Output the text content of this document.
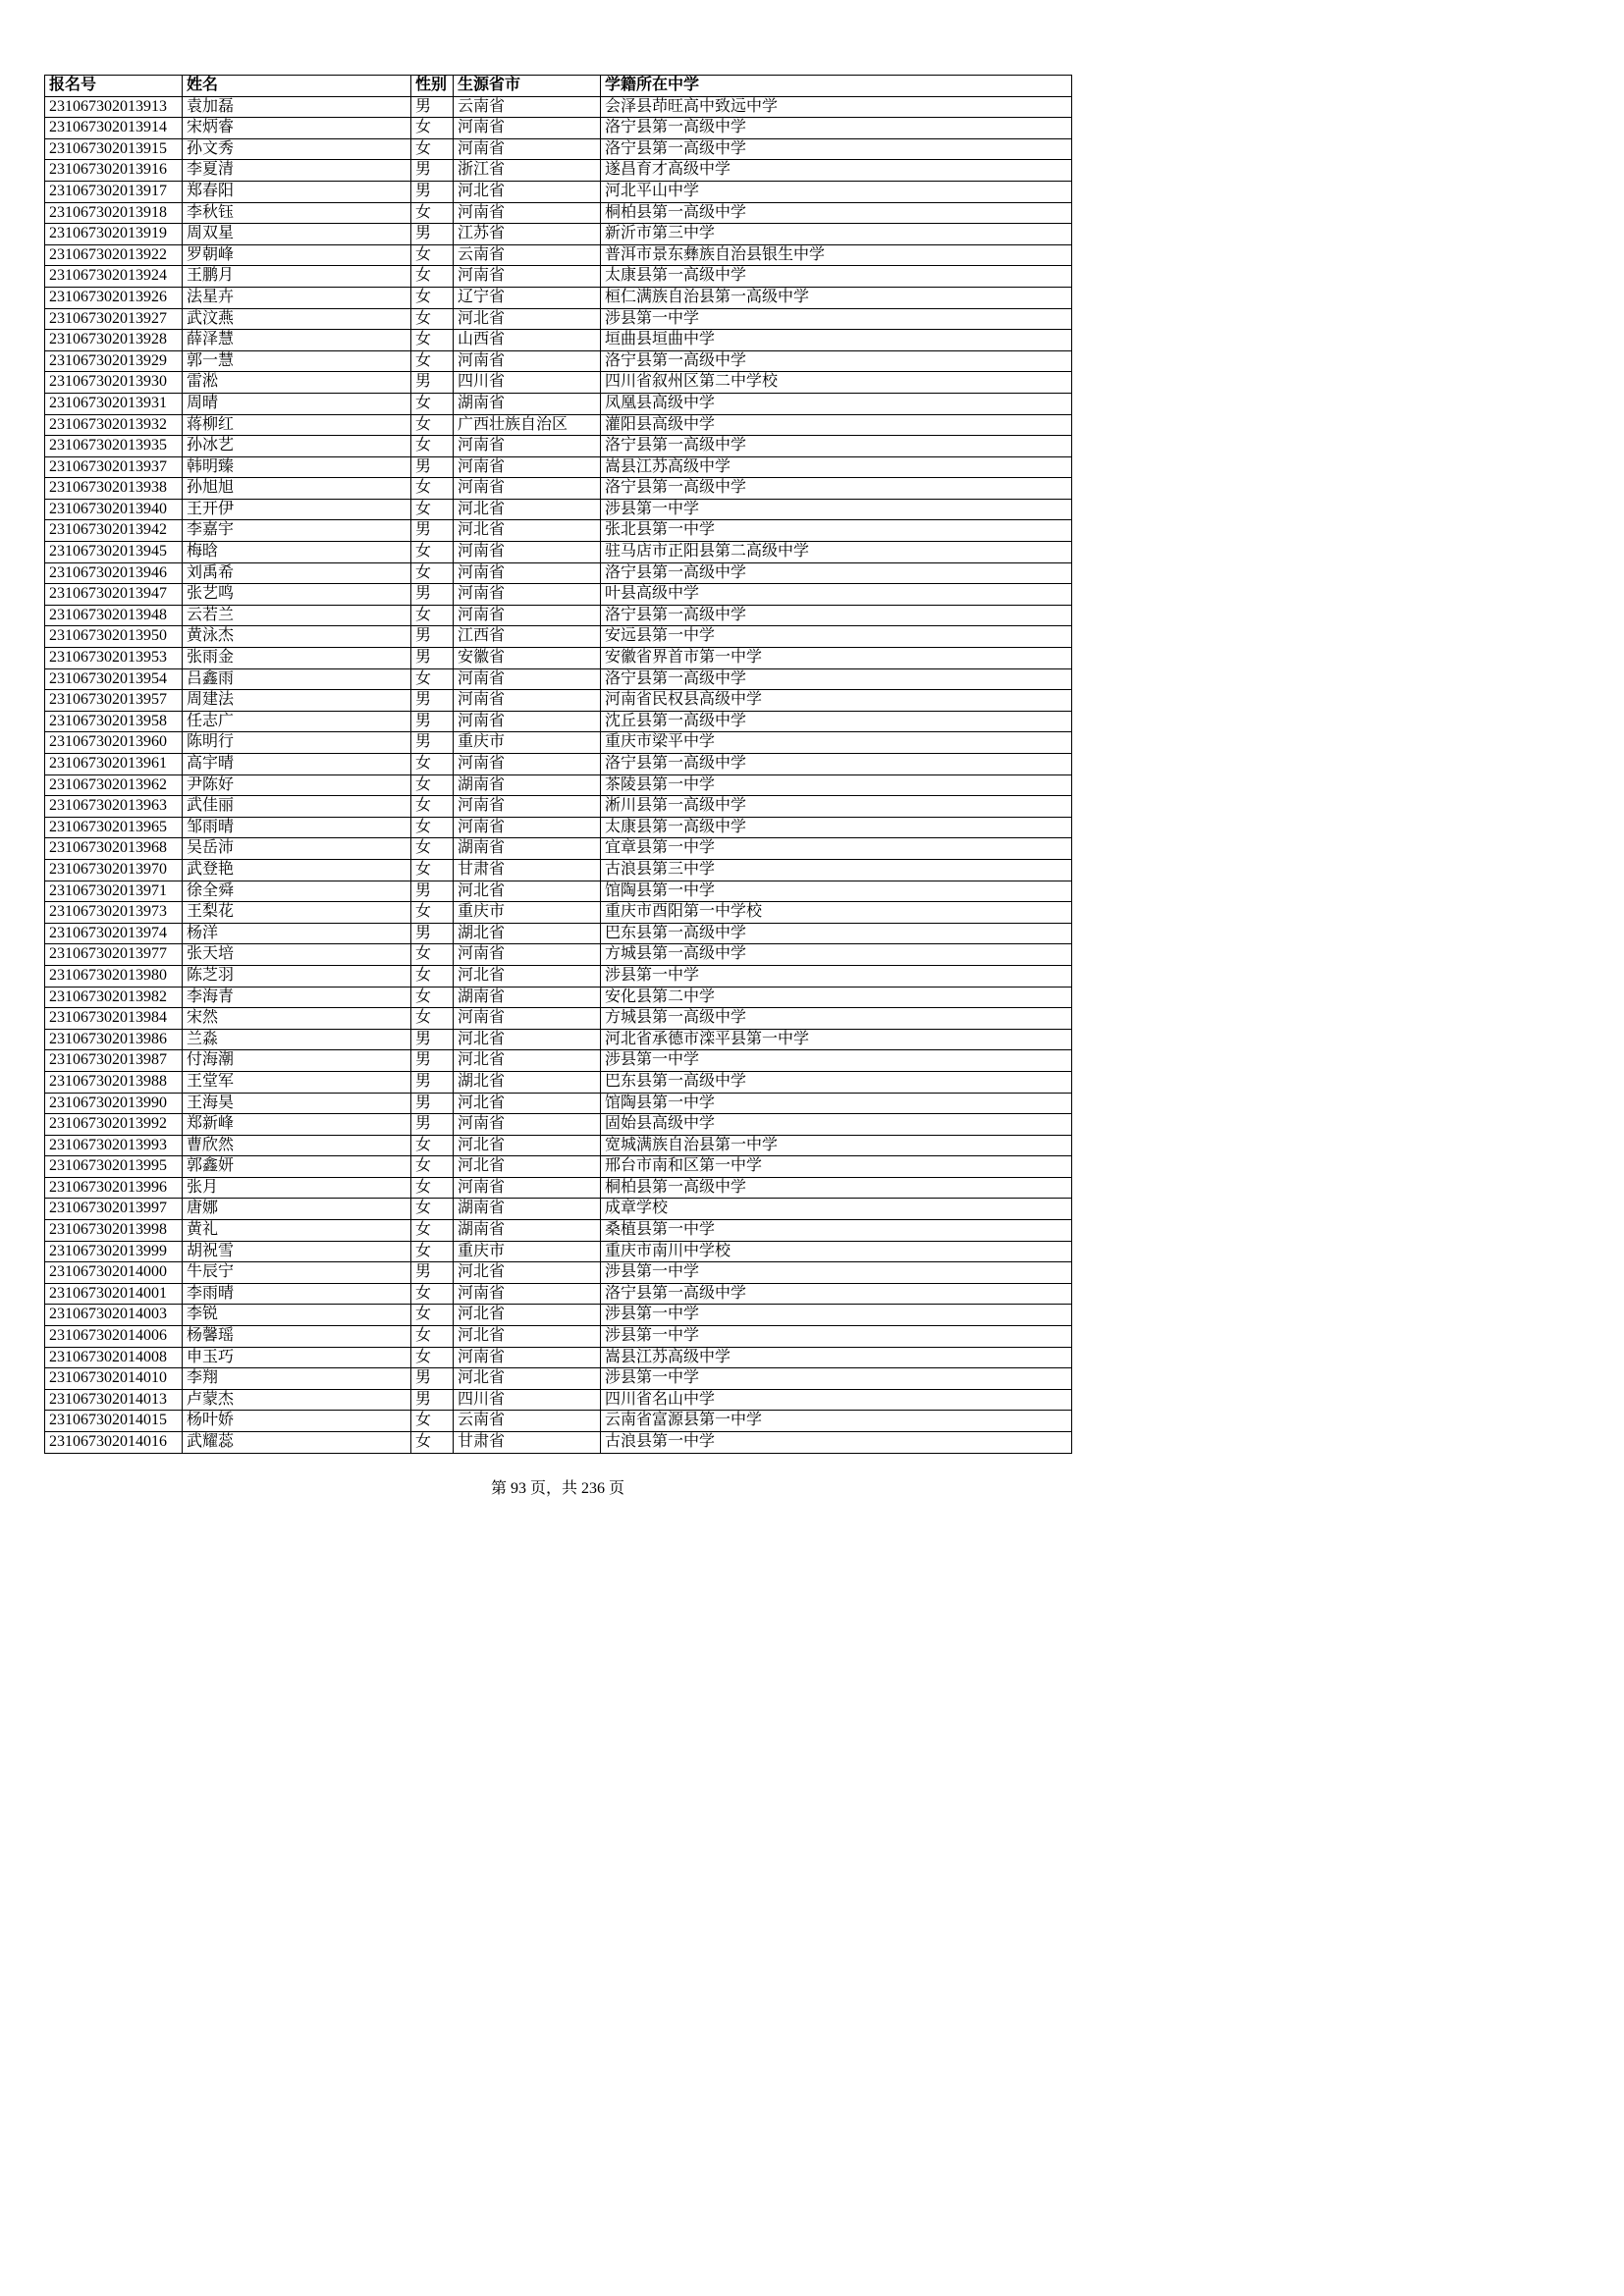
报名号	姓名	性别	生源省市	学籍所在中学
231067302013913	袁加磊	男	云南省	会泽县茚旺高中致远中学
231067302013914	宋炳睿	女	河南省	洛宁县第一高级中学
231067302013915	孙文秀	女	河南省	洛宁县第一高级中学
231067302013916	李夏清	男	浙江省	遂昌育才高级中学
231067302013917	郑春阳	男	河北省	河北平山中学
231067302013918	李秋钰	女	河南省	桐柏县第一高级中学
231067302013919	周双星	男	江苏省	新沂市第三中学
231067302013922	罗朝峰	女	云南省	普洱市景东彝族自治县银生中学
231067302013924	王鹏月	女	河南省	太康县第一高级中学
231067302013926	法星卉	女	辽宁省	桓仁满族自治县第一高级中学
231067302013927	武汶燕	女	河北省	涉县第一中学
231067302013928	薛泽慧	女	山西省	垣曲县垣曲中学
231067302013929	郭一慧	女	河南省	洛宁县第一高级中学
231067302013930	雷淞	男	四川省	四川省叙州区第二中学校
231067302013931	周晴	女	湖南省	凤凰县高级中学
231067302013932	蒋柳红	女	广西壮族自治区	灌阳县高级中学
231067302013935	孙冰艺	女	河南省	洛宁县第一高级中学
231067302013937	韩明臻	男	河南省	嵩县江苏高级中学
231067302013938	孙旭旭	女	河南省	洛宁县第一高级中学
231067302013940	王开伊	女	河北省	涉县第一中学
231067302013942	李嘉宇	男	河北省	张北县第一中学
231067302013945	梅晗	女	河南省	驻马店市正阳县第二高级中学
231067302013946	刘禹希	女	河南省	洛宁县第一高级中学
231067302013947	张艺鸣	男	河南省	叶县高级中学
231067302013948	云若兰	女	河南省	洛宁县第一高级中学
231067302013950	黄泳杰	男	江西省	安远县第一中学
231067302013953	张雨金	男	安徽省	安徽省界首市第一中学
231067302013954	吕鑫雨	女	河南省	洛宁县第一高级中学
231067302013957	周建法	男	河南省	河南省民权县高级中学
231067302013958	任志广	男	河南省	沈丘县第一高级中学
231067302013960	陈明行	男	重庆市	重庆市梁平中学
231067302013961	高宇晴	女	河南省	洛宁县第一高级中学
231067302013962	尹陈好	女	湖南省	茶陵县第一中学
231067302013963	武佳丽	女	河南省	淅川县第一高级中学
231067302013965	邹雨晴	女	河南省	太康县第一高级中学
231067302013968	吴岳沛	女	湖南省	宜章县第一中学
231067302013970	武登艳	女	甘肃省	古浪县第三中学
231067302013971	徐全舜	男	河北省	馆陶县第一中学
231067302013973	王梨花	女	重庆市	重庆市酉阳第一中学校
231067302013974	杨洋	男	湖北省	巴东县第一高级中学
231067302013977	张天培	女	河南省	方城县第一高级中学
231067302013980	陈芝羽	女	河北省	涉县第一中学
231067302013982	李海青	女	湖南省	安化县第二中学
231067302013984	宋然	女	河南省	方城县第一高级中学
231067302013986	兰淼	男	河北省	河北省承德市滦平县第一中学
231067302013987	付海潮	男	河北省	涉县第一中学
231067302013988	王堂军	男	湖北省	巴东县第一高级中学
231067302013990	王海昊	男	河北省	馆陶县第一中学
231067302013992	郑新峰	男	河南省	固始县高级中学
231067302013993	曹欣然	女	河北省	宽城满族自治县第一中学
231067302013995	郭鑫妍	女	河北省	邢台市南和区第一中学
231067302013996	张月	女	河南省	桐柏县第一高级中学
231067302013997	唐娜	女	湖南省	成章学校
231067302013998	黄礼	女	湖南省	桑植县第一中学
231067302013999	胡祝雪	女	重庆市	重庆市南川中学校
231067302014000	牛辰宁	男	河北省	涉县第一中学
231067302014001	李雨晴	女	河南省	洛宁县第一高级中学
231067302014003	李锐	女	河北省	涉县第一中学
231067302014006	杨馨瑶	女	河北省	涉县第一中学
231067302014008	申玉巧	女	河南省	嵩县江苏高级中学
231067302014010	李翔	男	河北省	涉县第一中学
231067302014013	卢蒙杰	男	四川省	四川省名山中学
231067302014015	杨叶娇	女	云南省	云南省富源县第一中学
231067302014016	武耀蕊	女	甘肃省	古浪县第一中学
第 93 页，共 236 页
